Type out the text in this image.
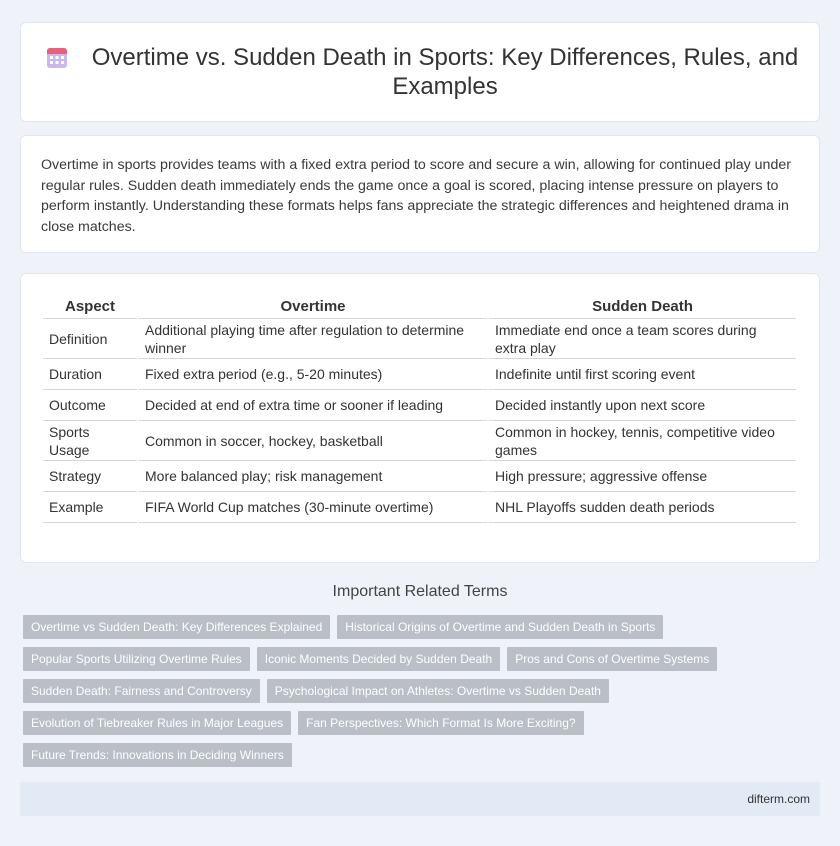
Overtime vs. Sudden Death in Sports: Key Differences, Rules, and Examples

Overtime in sports provides teams with a fixed extra period to score and secure a win, allowing for continued play under regular rules. Sudden death immediately ends the game once a goal is scored, placing intense pressure on players to perform instantly. Understanding these formats helps fans appreciate the strategic differences and heightened drama in close matches.

Aspect	Overtime	Sudden Death
Definition	Additional playing time after regulation to determine winner	Immediate end once a team scores during extra play
Duration	Fixed extra period (e.g., 5-20 minutes)	Indefinite until first scoring event
Outcome	Decided at end of extra time or sooner if leading	Decided instantly upon next score
Sports Usage	Common in soccer, hockey, basketball	Common in hockey, tennis, competitive video games
Strategy	More balanced play; risk management	High pressure; aggressive offense
Example	FIFA World Cup matches (30-minute overtime)	NHL Playoffs sudden death periods
Important Related Terms
Overtime vs Sudden Death: Key Differences Explained	Historical Origins of Overtime and Sudden Death in Sports
Popular Sports Utilizing Overtime Rules	Iconic Moments Decided by Sudden Death	Pros and Cons of Overtime Systems
Sudden Death: Fairness and Controversy	Psychological Impact on Athletes: Overtime vs Sudden Death
Evolution of Tiebreaker Rules in Major Leagues	Fan Perspectives: Which Format Is More Exciting?
Future Trends: Innovations in Deciding Winners
difterm.com
